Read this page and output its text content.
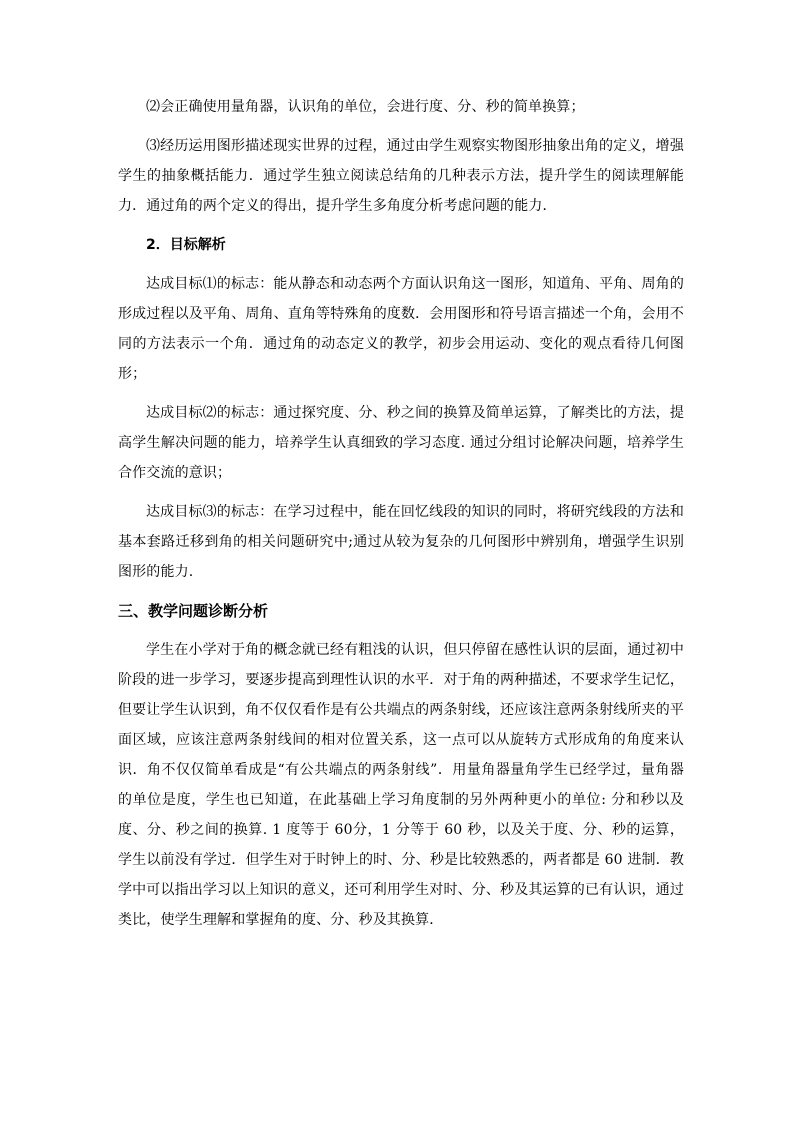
⑵会正确使用量角器，认识角的单位，会进行度、分、秒的简单换算；

⑶经历运用图形描述现实世界的过程，通过由学生观察实物图形抽象出角的定义，增强学生的抽象概括能力．通过学生独立阅读总结角的几种表示方法，提升学生的阅读理解能力．通过角的两个定义的得出，提升学生多角度分析考虑问题的能力．

2．目标解析

达成目标⑴的标志：能从静态和动态两个方面认识角这一图形，知道角、平角、周角的形成过程以及平角、周角、直角等特殊角的度数．会用图形和符号语言描述一个角，会用不同的方法表示一个角．通过角的动态定义的教学，初步会用运动、变化的观点看待几何图形；

达成目标⑵的标志：通过探究度、分、秒之间的换算及简单运算，了解类比的方法，提高学生解决问题的能力，培养学生认真细致的学习态度. 通过分组讨论解决问题，培养学生合作交流的意识；

达成目标⑶的标志：在学习过程中，能在回忆线段的知识的同时，将研究线段的方法和基本套路迁移到角的相关问题研究中;通过从较为复杂的几何图形中辨别角，增强学生识别图形的能力.

三、教学问题诊断分析

学生在小学对于角的概念就已经有粗浅的认识，但只停留在感性认识的层面，通过初中阶段的进一步学习，要逐步提高到理性认识的水平．对于角的两种描述，不要求学生记忆，但要让学生认识到，角不仅仅看作是有公共端点的两条射线，还应该注意两条射线所夹的平面区域，应该注意两条射线间的相对位置关系，这一点可以从旋转方式形成角的角度来认识．角不仅仅简单看成是“有公共端点的两条射线”．用量角器量角学生已经学过，量角器的单位是度，学生也已知道，在此基础上学习角度制的另外两种更小的单位: 分和秒以及度、分、秒之间的换算. 1 度等于 60分，1 分等于 60 秒，以及关于度、分、秒的运算，学生以前没有学过．但学生对于时钟上的时、分、秒是比较熟悉的，两者都是 60 进制．教学中可以指出学习以上知识的意义，还可利用学生对时、分、秒及其运算的已有认识，通过类比，使学生理解和掌握角的度、分、秒及其换算．
